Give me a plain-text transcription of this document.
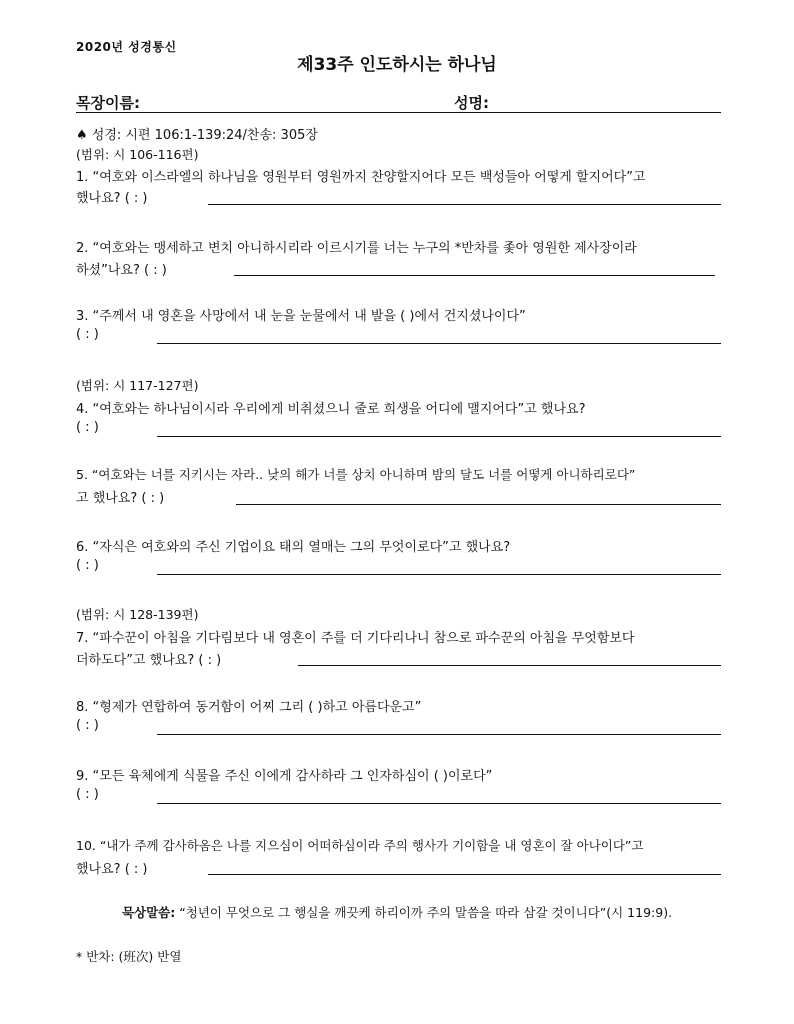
2020년 성경통신
제33주 인도하시는 하나님
목장이름:	성명:
♠ 성경: 시편 106:1-139:24/찬송: 305장
(범위: 시 106-116편)
1. “여호와 이스라엘의 하나님을 영원부터 영원까지 찬양할지어다 모든 백성들아 어떻게 할지어다”고
했나요? ( : )
2. “여호와는 맹세하고 변치 아니하시리라 이르시기를 너는 누구의 *반차를 좇아 영원한 제사장이라
하셨”나요? ( : )
3. “주께서 내 영혼을 사망에서 내 눈을 눈물에서 내 발을 ( )에서 건지셨나이다”
( : )
(범위: 시 117-127편)
4. “여호와는 하나님이시라 우리에게 비취셨으니 줄로 희생을 어디에 맬지어다”고 했나요?
( : )
5. “여호와는 너를 지키시는 자라.. 낮의 해가 너를 상치 아니하며 밤의 달도 너를 어떻게 아니하리로다”
고 했나요? ( : )
6. “자식은 여호와의 주신 기업이요 태의 열매는 그의 무엇이로다”고 했나요?
( : )
(범위: 시 128-139편)
7. “파수꾼이 아침을 기다림보다 내 영혼이 주를 더 기다리나니 참으로 파수꾼의 아침을 무엇함보다
더하도다”고 했나요? ( : )
8. “형제가 연합하여 동거함이 어찌 그리 ( )하고 아름다운고”
( : )
9. “모든 육체에게 식물을 주신 이에게 감사하라 그 인자하심이 ( )이로다”
( : )
10. “내가 주께 감사하옴은 나를 지으심이 어떠하심이라 주의 행사가 기이함을 내 영혼이 잘 아나이다”고
했나요? ( : )
묵상말씀: “청년이 무엇으로 그 행실을 깨끗케 하리이까 주의 말씀을 따라 삼갈 것이니다”(시 119:9).
* 반차: (班次) 반열
